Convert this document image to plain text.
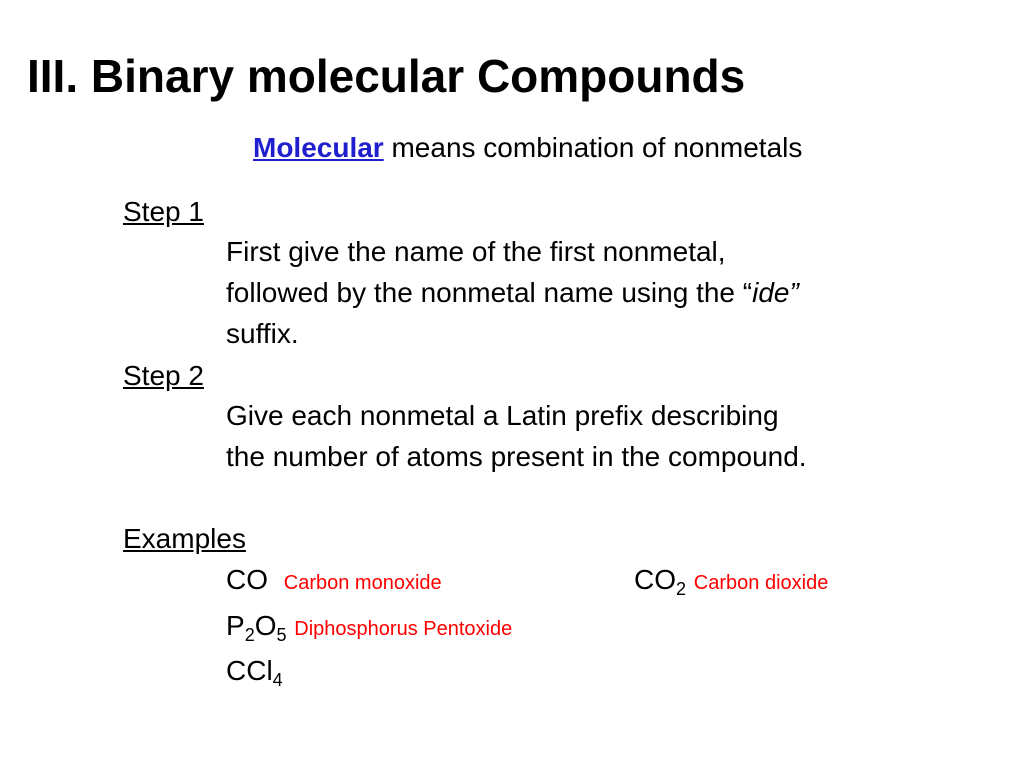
III. Binary molecular Compounds
Molecular means combination of nonmetals
Step 1
First give the name of the first nonmetal,
followed by the nonmetal name using the “ide”
suffix.
Step 2
Give each nonmetal a Latin prefix describing
the number of atoms present in the compound.
Examples
CO Carbon monoxide	$CO_2$ Carbon dioxide
$P_2O_5$ Diphosphorus Pentoxide
CCl$_4$
